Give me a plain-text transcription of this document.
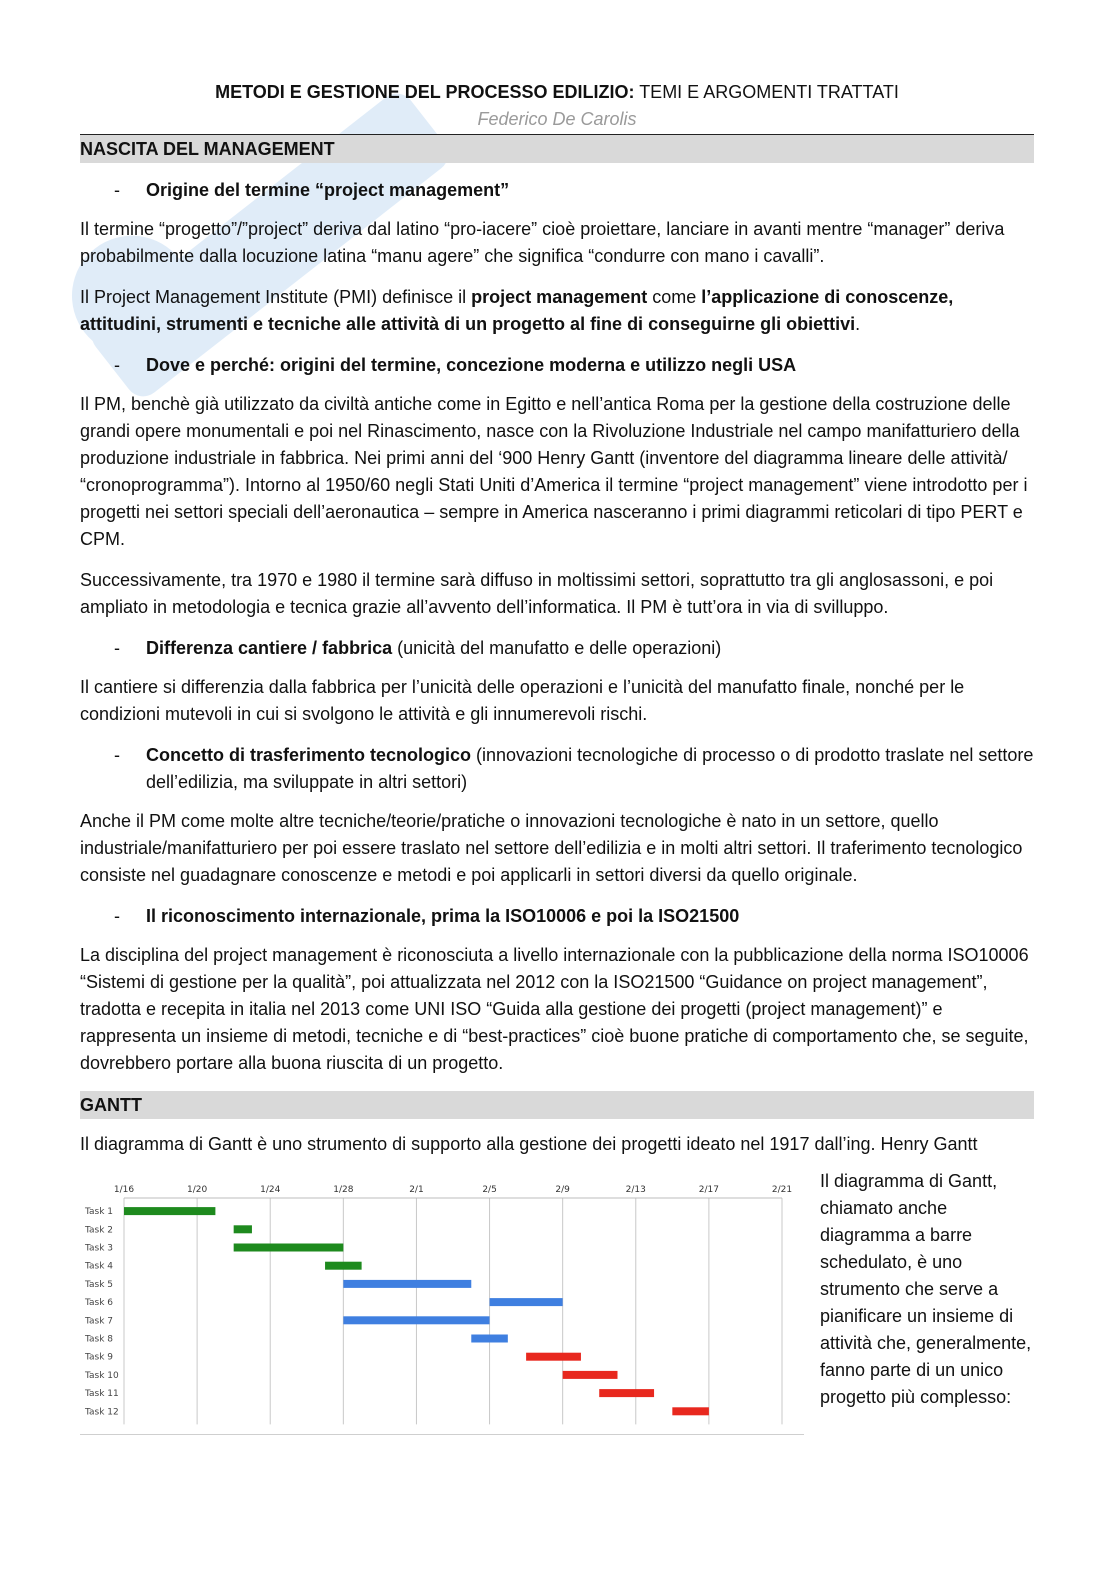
METODI E GESTIONE DEL PROCESSO EDILIZIO: TEMI E ARGOMENTI TRATTATI
Federico De Carolis
NASCITA DEL MANAGEMENT
-	Origine del termine “project management”

Il termine “progetto”/”project” deriva dal latino “pro-iacere” cioè proiettare, lanciare in avanti mentre “manager” deriva probabilmente dalla locuzione latina “manu agere” che significa “condurre con mano i cavalli”.

Il Project Management Institute (PMI) definisce il project management come l’applicazione di conoscenze, attitudini, strumenti e tecniche alle attività di un progetto al fine di conseguirne gli obiettivi.

-	Dove e perché: origini del termine, concezione moderna e utilizzo negli USA

Il PM, benchè già utilizzato da civiltà antiche come in Egitto e nell’antica Roma per la gestione della costruzione delle grandi opere monumentali e poi nel Rinascimento, nasce con la Rivoluzione Industriale nel campo manifatturiero della produzione industriale in fabbrica. Nei primi anni del ‘900 Henry Gantt (inventore del diagramma lineare delle attività/ “cronoprogramma”). Intorno al 1950/60 negli Stati Uniti d’America il termine “project management” viene introdotto per i progetti nei settori speciali dell’aeronautica – sempre in America nasceranno i primi diagrammi reticolari di tipo PERT e CPM.

Successivamente, tra 1970 e 1980 il termine sarà diffuso in moltissimi settori, soprattutto tra gli anglosassoni, e poi ampliato in metodologia e tecnica grazie all’avvento dell’informatica. Il PM è tutt’ora in via di svilluppo.

-	Differenza cantiere / fabbrica (unicità del manufatto e delle operazioni)

Il cantiere si differenzia dalla fabbrica per l’unicità delle operazioni e l’unicità del manufatto finale, nonché per le condizioni mutevoli in cui si svolgono le attività e gli innumerevoli rischi.

-	Concetto di trasferimento tecnologico (innovazioni tecnologiche di processo o di prodotto traslate nel settore dell’edilizia, ma sviluppate in altri settori)

Anche il PM come molte altre tecniche/teorie/pratiche o innovazioni tecnologiche è nato in un settore, quello industriale/manifatturiero per poi essere traslato nel settore dell’edilizia e in molti altri settori. Il traferimento tecnologico consiste nel guadagnare conoscenze e metodi e poi applicarli in settori diversi da quello originale.

-	Il riconoscimento internazionale, prima la ISO10006 e poi la ISO21500

La disciplina del project management è riconosciuta a livello internazionale con la pubblicazione della norma ISO10006 “Sistemi di gestione per la qualità”, poi attualizzata nel 2012 con la ISO21500 “Guidance on project management”, tradotta e recepita in italia nel 2013 come UNI ISO “Guida alla gestione dei progetti (project management)” e rappresenta un insieme di metodi, tecniche e di “best-practices” cioè buone pratiche di comportamento che, se seguite, dovrebbero portare alla buona riuscita di un progetto.

GANTT

Il diagramma di Gantt è uno strumento di supporto alla gestione dei progetti ideato nel 1917 dall’ing. Henry Gantt

1/16	1/20	1/24	1/28	2/1	2/5	2/9	2/13	2/17	2/21
Task 1
Task 2
Task 3
Task 4
Task 5
Task 6
Task 7
Task 8
Task 9
Task 10
Task 11
Task 12
Il diagramma di Gantt, chiamato anche diagramma a barre schedulato, è uno strumento che serve a pianificare un insieme di attività che, generalmente, fanno parte di un unico progetto più complesso:
